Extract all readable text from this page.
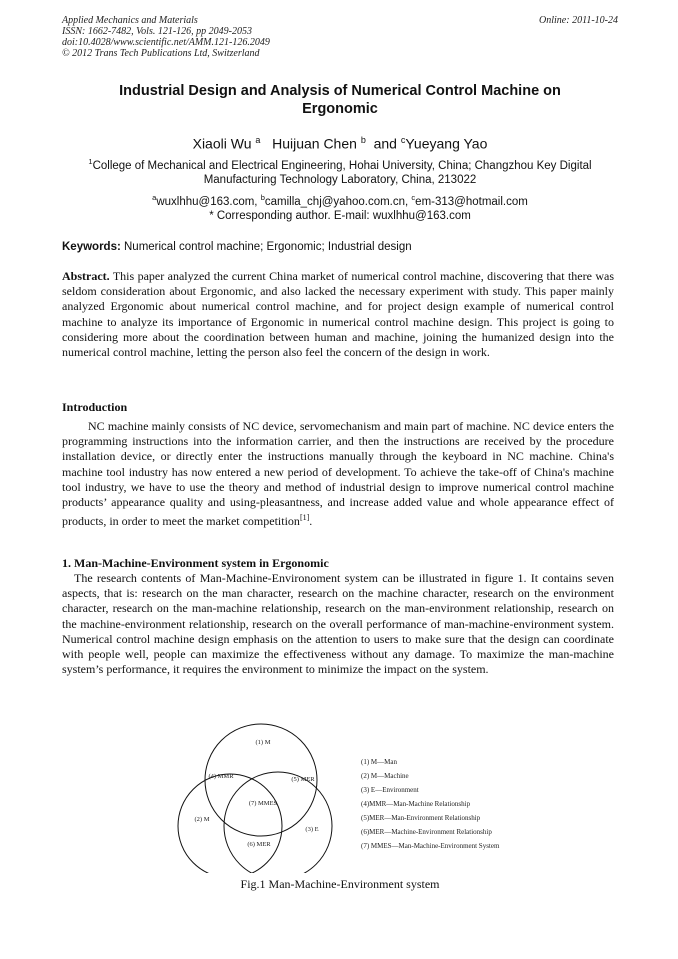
Applied Mechanics and Materials
ISSN: 1662-7482, Vols. 121-126, pp 2049-2053
doi:10.4028/www.scientific.net/AMM.121-126.2049
© 2012 Trans Tech Publications Ltd, Switzerland
Online: 2011-10-24
Industrial Design and Analysis of Numerical Control Machine on
Ergonomic
Xiaoli Wu $^a$ Huijuan Chen $^b$ and $^c$Yueyang Yao
$^1$College of Mechanical and Electrical Engineering, Hohai University, China; Changzhou Key Digital
Manufacturing Technology Laboratory, China, 213022
$^a$wuxlhhu@163.com, $^b$camilla_chj@yahoo.com.cn, $^c$em-313@hotmail.com
* Corresponding author. E-mail: wuxlhhu@163.com
Keywords: Numerical control machine; Ergonomic; Industrial design
Abstract. This paper analyzed the current China market of numerical control machine, discovering that there was seldom consideration about Ergonomic, and also lacked the necessary experiment with study. This paper mainly analyzed Ergonomic about numerical control machine, and for project design example of numerical control machine to analyze its importance of Ergonomic in numerical control machine design. This project is going to considering more about the coordination between human and machine, joining the humanized design into the numerical control machine, letting the person also feel the concern of the design in work.
Introduction
NC machine mainly consists of NC device, servomechanism and main part of machine. NC device enters the programming instructions into the information carrier, and then the instructions are received by the procedure installation device, or directly enter the instructions manually through the keyboard in NC machine. China's machine tool industry has now entered a new period of development. To achieve the take-off of China's machine tool industry, we have to use the theory and method of industrial design to improve numerical control machine products’ appearance quality and using-pleasantness, and increase added value and whole appearance effect of products, in order to meet the market competition[1].
1. Man-Machine-Environment system in Ergonomic
The research contents of Man-Machine-Environoment system can be illustrated in figure 1. It contains seven aspects, that is: research on the man character, research on the machine character, research on the environment character, research on the man-machine relationship, research on the man-environment relationship, research on the machine-environment relationship, research on the overall performance of man-machine-environment system. Numerical control machine design emphasis on the attention to users to make sure that the design can coordinate with people well, people can maximize the effectiveness without any damage. To maximize the man-machine system’s performance, it requires the environment to minimize the impact on the system.
(1) M
(4) MMR	(5) MER
(7) MMES
(2) M
(3) E
(6) MER
(1) M—Man
(2) M—Machine
(3) E—Environment
(4)MMR—Man-Machine Relationship
(5)MER—Man-Environment Relationship
(6)MER—Machine-Environment Relationship
(7) MMES—Man-Machine-Environment System
Fig.1 Man-Machine-Environment system
